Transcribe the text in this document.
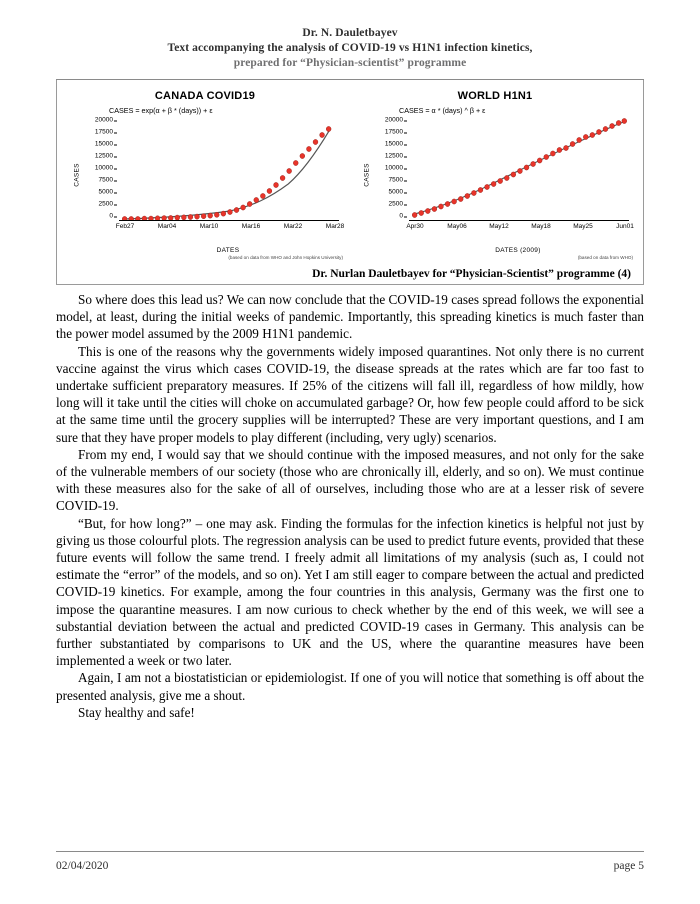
Dr. N. Dauletbayev
Text accompanying the analysis of COVID-19 vs H1N1 infection kinetics,
prepared for “Physician-scientist” programme
CANADA COVID19
CASES = exp(α + β * (days)) + ε
CASES
20000
17500
15000
12500
10000
7500
5000
2500
0
Feb27	Mar04	Mar10	Mar16	Mar22	Mar28
DATES
(based on data from WHO and John Hopkins University)
WORLD H1N1
CASES = α * (days) ^ β + ε
CASES
20000
17500
15000
12500
10000
7500
5000
2500
0
Apr30	May06	May12	May18	May25	Jun01
DATES (2009)
(based on data from WHO)
Dr. Nurlan Dauletbayev for “Physician-Scientist” programme (4)

So where does this lead us? We can now conclude that the COVID-19 cases spread follows the exponential model, at least, during the initial weeks of pandemic. Importantly, this spreading kinetics is much faster than the power model assumed by the 2009 H1N1 pandemic.

This is one of the reasons why the governments widely imposed quarantines. Not only there is no current vaccine against the virus which cases COVID-19, the disease spreads at the rates which are far too fast to undertake sufficient preparatory measures. If 25% of the citizens will fall ill, regardless of how mildly, how long will it take until the cities will choke on accumulated garbage? Or, how few people could afford to be sick at the same time until the grocery supplies will be interrupted? These are very important questions, and I am sure that they have proper models to play different (including, very ugly) scenarios.

From my end, I would say that we should continue with the imposed measures, and not only for the sake of the vulnerable members of our society (those who are chronically ill, elderly, and so on). We must continue with these measures also for the sake of all of ourselves, including those who are at a lesser risk of severe COVID-19.

“But, for how long?” – one may ask. Finding the formulas for the infection kinetics is helpful not just by giving us those colourful plots. The regression analysis can be used to predict future events, provided that these future events will follow the same trend. I freely admit all limitations of my analysis (such as, I could not estimate the “error” of the models, and so on). Yet I am still eager to compare between the actual and predicted COVID-19 kinetics. For example, among the four countries in this analysis, Germany was the first one to impose the quarantine measures. I am now curious to check whether by the end of this week, we will see a substantial deviation between the actual and predicted COVID-19 cases in Germany. This analysis can be further substantiated by comparisons to UK and the US, where the quarantine measures have been implemented a week or two later.

Again, I am not a biostatistician or epidemiologist. If one of you will notice that something is off about the presented analysis, give me a shout.

Stay healthy and safe!

02/04/2020	page 5
